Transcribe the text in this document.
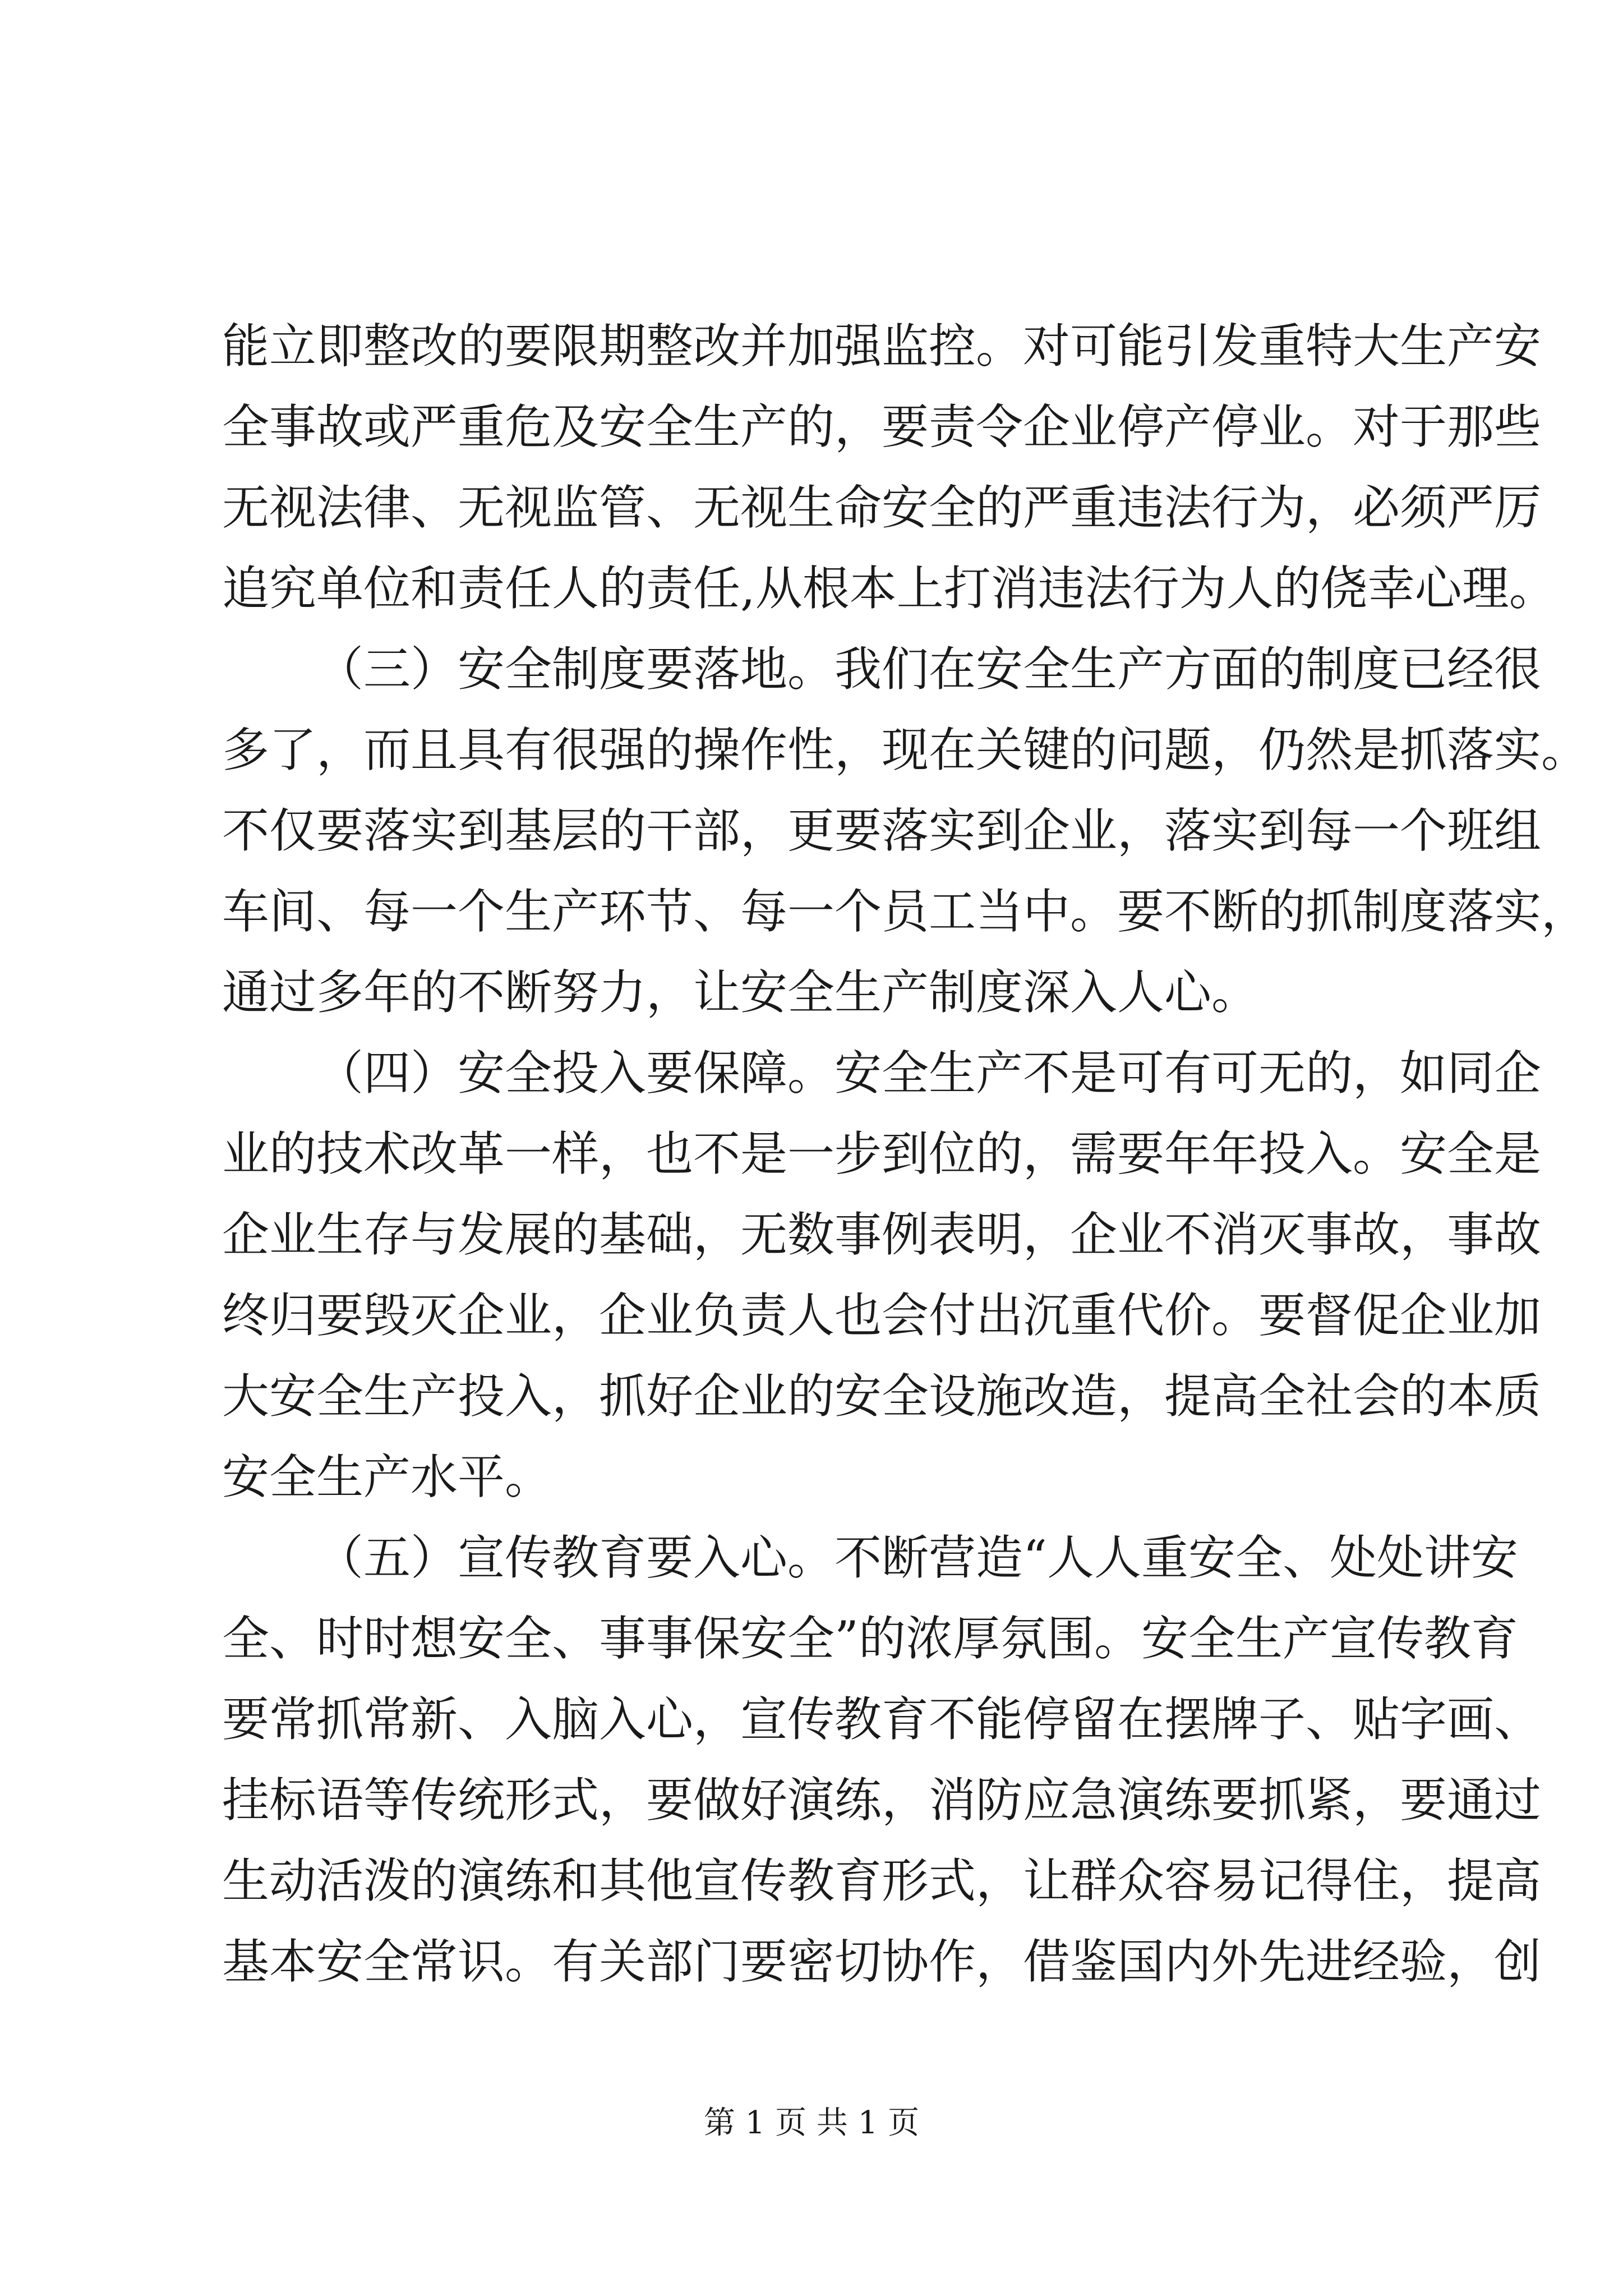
能立即整改的要限期整改并加强监控。对可能引发重特大生产安
全事故或严重危及安全生产的，要责令企业停产停业。对于那些
无视法律、无视监管、无视生命安全的严重违法行为，必须严厉
追究单位和责任人的责任,从根本上打消违法行为人的侥幸心理。
（三）安全制度要落地。我们在安全生产方面的制度已经很
多了，而且具有很强的操作性，现在关键的问题，仍然是抓落实。
不仅要落实到基层的干部，更要落实到企业，落实到每一个班组
车间、每一个生产环节、每一个员工当中。要不断的抓制度落实，
通过多年的不断努力，让安全生产制度深入人心。
（四）安全投入要保障。安全生产不是可有可无的，如同企
业的技术改革一样，也不是一步到位的，需要年年投入。安全是
企业生存与发展的基础，无数事例表明，企业不消灭事故，事故
终归要毁灭企业，企业负责人也会付出沉重代价。要督促企业加
大安全生产投入，抓好企业的安全设施改造，提高全社会的本质
安全生产水平。
（五）宣传教育要入心。不断营造“人人重安全、处处讲安
全、时时想安全、事事保安全”的浓厚氛围。安全生产宣传教育
要常抓常新、入脑入心，宣传教育不能停留在摆牌子、贴字画、
挂标语等传统形式，要做好演练，消防应急演练要抓紧，要通过
生动活泼的演练和其他宣传教育形式，让群众容易记得住，提高
基本安全常识。有关部门要密切协作，借鉴国内外先进经验，创
第 1 页 共 1 页
